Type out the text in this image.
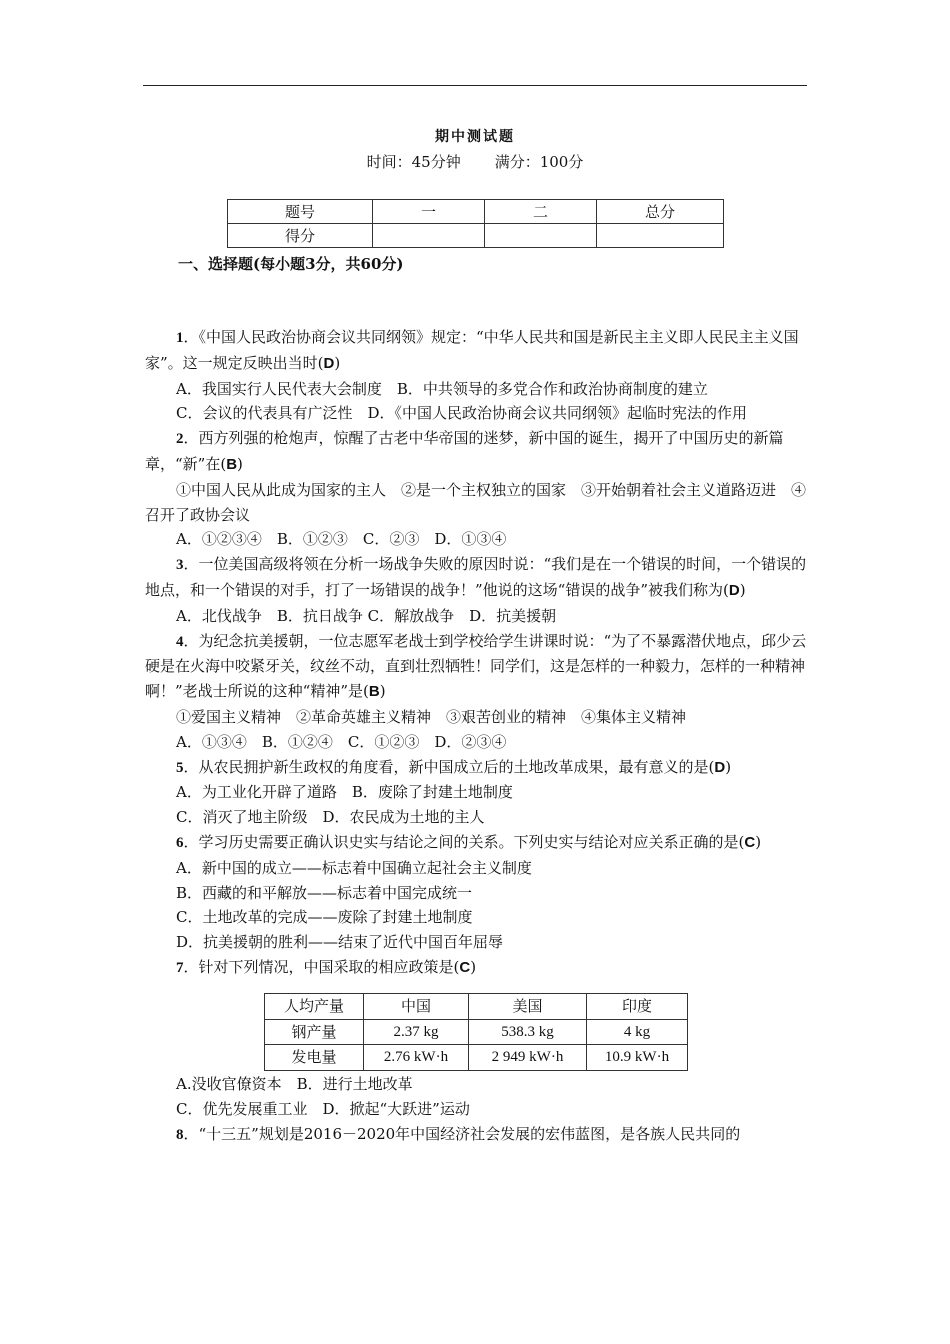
期中测试题
时间：45分钟 满分：100分
题号	一	二	总分
得分			
一、选择题(每小题3分，共60分)

1．《中国人民政治协商会议共同纲领》规定：“中华人民共和国是新民主主义即人民民主主义国家”。这一规定反映出当时(D)

A．我国实行人民代表大会制度　B．中共领导的多党合作和政治协商制度的建立

C．会议的代表具有广泛性　D．《中国人民政治协商会议共同纲领》起临时宪法的作用

2．西方列强的枪炮声，惊醒了古老中华帝国的迷梦，新中国的诞生，揭开了中国历史的新篇章，“新”在(B)

①中国人民从此成为国家的主人　②是一个主权独立的国家　③开始朝着社会主义道路迈进　④召开了政协会议

A．①②③④　B．①②③　C．②③　D．①③④

3．一位美国高级将领在分析一场战争失败的原因时说：“我们是在一个错误的时间，一个错误的地点，和一个错误的对手，打了一场错误的战争！”他说的这场“错误的战争”被我们称为(D)

A．北伐战争　B．抗日战争 C．解放战争　D．抗美援朝

4．为纪念抗美援朝，一位志愿军老战士到学校给学生讲课时说：“为了不暴露潜伏地点，邱少云硬是在火海中咬紧牙关，纹丝不动，直到壮烈牺牲！同学们，这是怎样的一种毅力，怎样的一种精神啊！”老战士所说的这种“精神”是(B)

①爱国主义精神　②革命英雄主义精神　③艰苦创业的精神　④集体主义精神

A．①③④　B．①②④　C．①②③　D．②③④

5．从农民拥护新生政权的角度看，新中国成立后的土地改革成果，最有意义的是(D)

A．为工业化开辟了道路　B．废除了封建土地制度

C．消灭了地主阶级　D．农民成为土地的主人

6．学习历史需要正确认识史实与结论之间的关系。下列史实与结论对应关系正确的是(C)

A．新中国的成立——标志着中国确立起社会主义制度

B．西藏的和平解放——标志着中国完成统一

C．土地改革的完成——废除了封建土地制度

D．抗美援朝的胜利——结束了近代中国百年屈辱

7．针对下列情况，中国采取的相应政策是(C)

人均产量	中国	美国	印度
钢产量	2.37 kg	538.3 kg	4 kg
发电量	2.76 kW·h	2 949 kW·h	10.9 kW·h

A.没收官僚资本　B．进行土地改革

C．优先发展重工业　D．掀起“大跃进”运动

8．“十三五”规划是2016－2020年中国经济社会发展的宏伟蓝图，是各族人民共同的
